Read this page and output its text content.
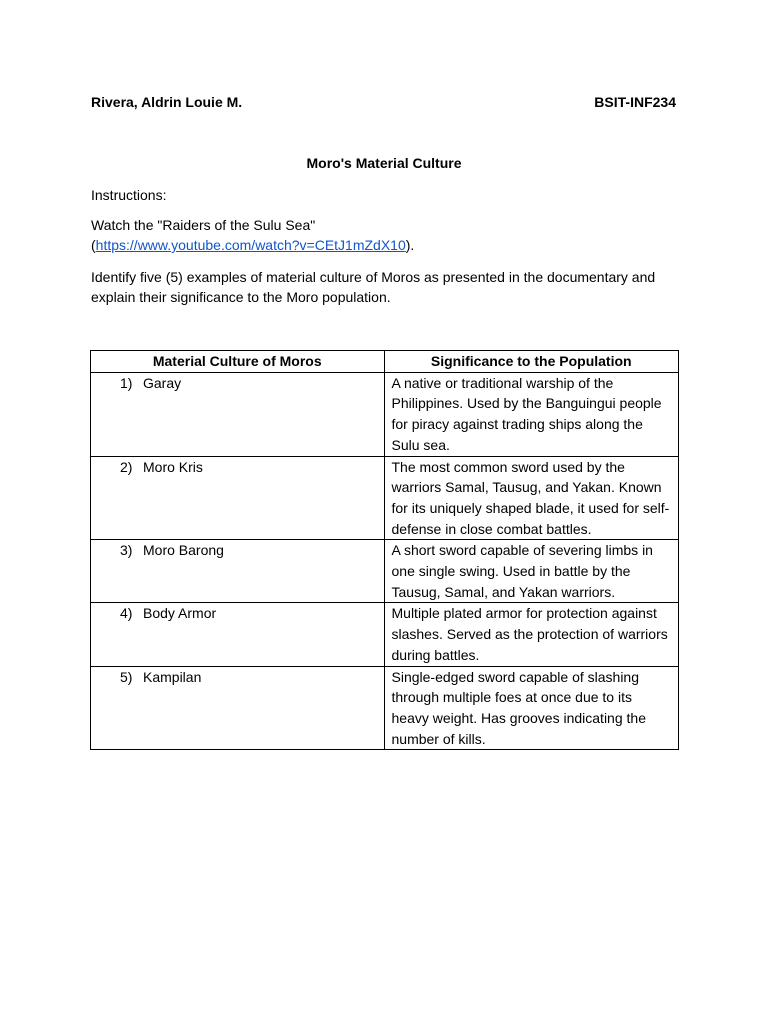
Rivera, Aldrin Louie M.	BSIT-INF234
Moro's Material Culture
Instructions:
Watch the "Raiders of the Sulu Sea"
(https://www.youtube.com/watch?v=CEtJ1mZdX10).
Identify five (5) examples of material culture of Moros as presented in the documentary and explain their significance to the Moro population.
Material Culture of Moros	Significance to the Population
1) Garay	A native or traditional warship of the Philippines. Used by the Banguingui people for piracy against trading ships along the Sulu sea.
2) Moro Kris	The most common sword used by the warriors Samal, Tausug, and Yakan. Known for its uniquely shaped blade, it used for self-defense in close combat battles.
3) Moro Barong	A short sword capable of severing limbs in one single swing. Used in battle by the Tausug, Samal, and Yakan warriors.
4) Body Armor	Multiple plated armor for protection against slashes. Served as the protection of warriors during battles.
5) Kampilan	Single-edged sword capable of slashing through multiple foes at once due to its heavy weight. Has grooves indicating the number of kills.
